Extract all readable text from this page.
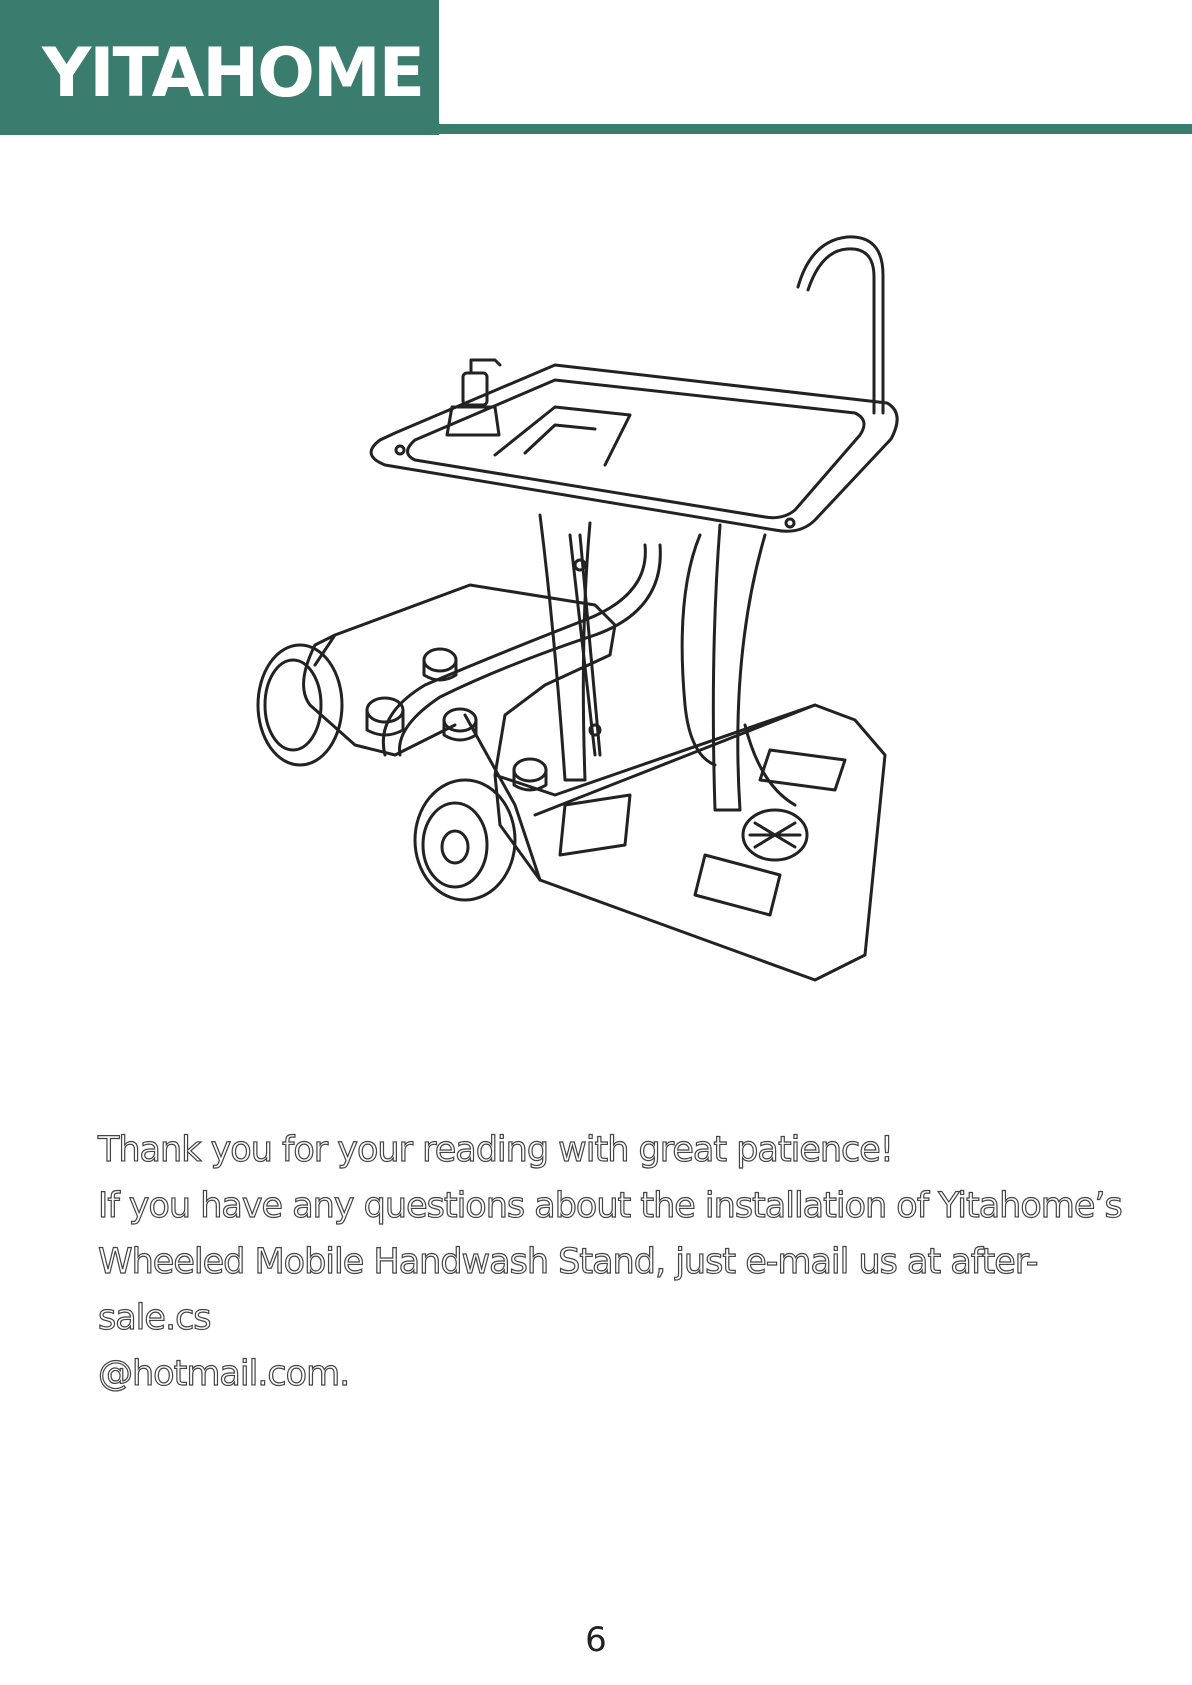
YITAHOME

Thank you for your reading with great patience!

If you have any questions about the installation of Yitahome’s

Wheeled Mobile Handwash Stand, just e-mail us at after-sale.cs

@hotmail.com.

6
